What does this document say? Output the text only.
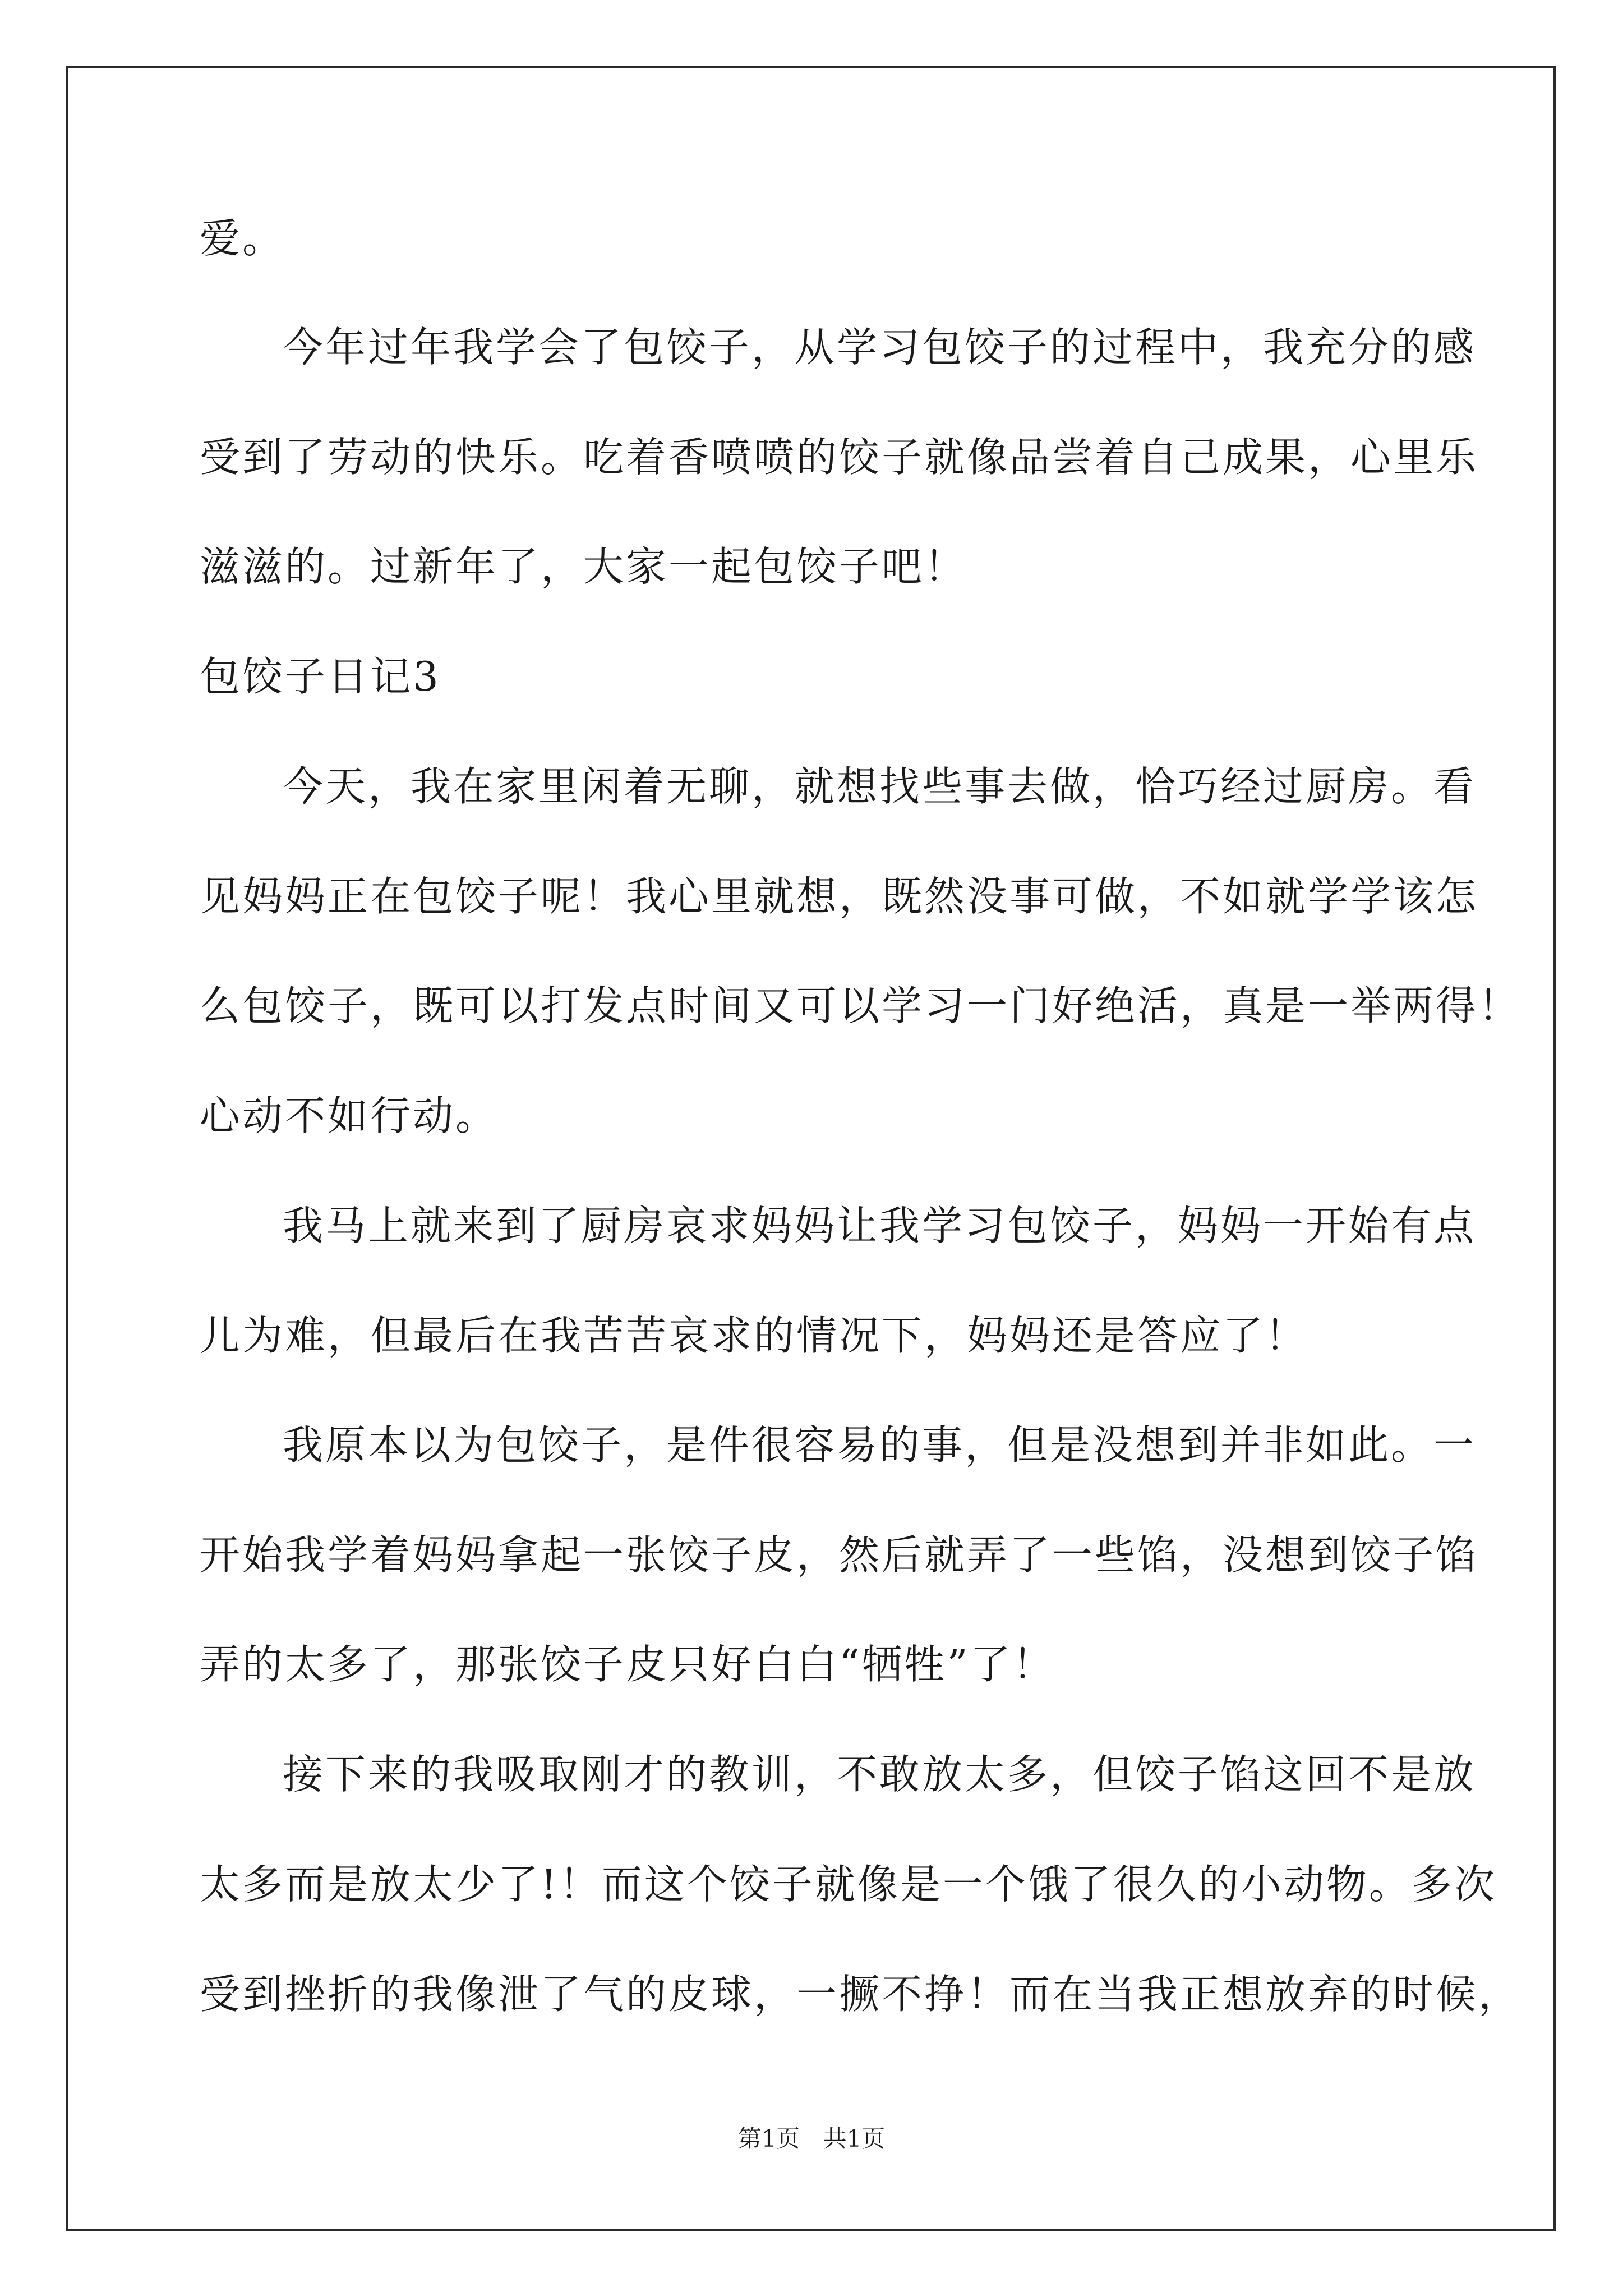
爱。
今年过年我学会了包饺子，从学习包饺子的过程中，我充分的感
受到了劳动的快乐。吃着香喷喷的饺子就像品尝着自己成果，心里乐
滋滋的。过新年了，大家一起包饺子吧！
包饺子日记3
今天，我在家里闲着无聊，就想找些事去做，恰巧经过厨房。看
见妈妈正在包饺子呢！我心里就想，既然没事可做，不如就学学该怎
么包饺子，既可以打发点时间又可以学习一门好绝活，真是一举两得！
心动不如行动。
我马上就来到了厨房哀求妈妈让我学习包饺子，妈妈一开始有点
儿为难，但最后在我苦苦哀求的情况下，妈妈还是答应了！
我原本以为包饺子，是件很容易的事，但是没想到并非如此。一
开始我学着妈妈拿起一张饺子皮，然后就弄了一些馅，没想到饺子馅
弄的太多了，那张饺子皮只好白白“牺牲”了！
接下来的我吸取刚才的教训，不敢放太多，但饺子馅这回不是放
太多而是放太少了!！而这个饺子就像是一个饿了很久的小动物。多次
受到挫折的我像泄了气的皮球，一撅不挣！而在当我正想放弃的时候，
第1页 共1页
